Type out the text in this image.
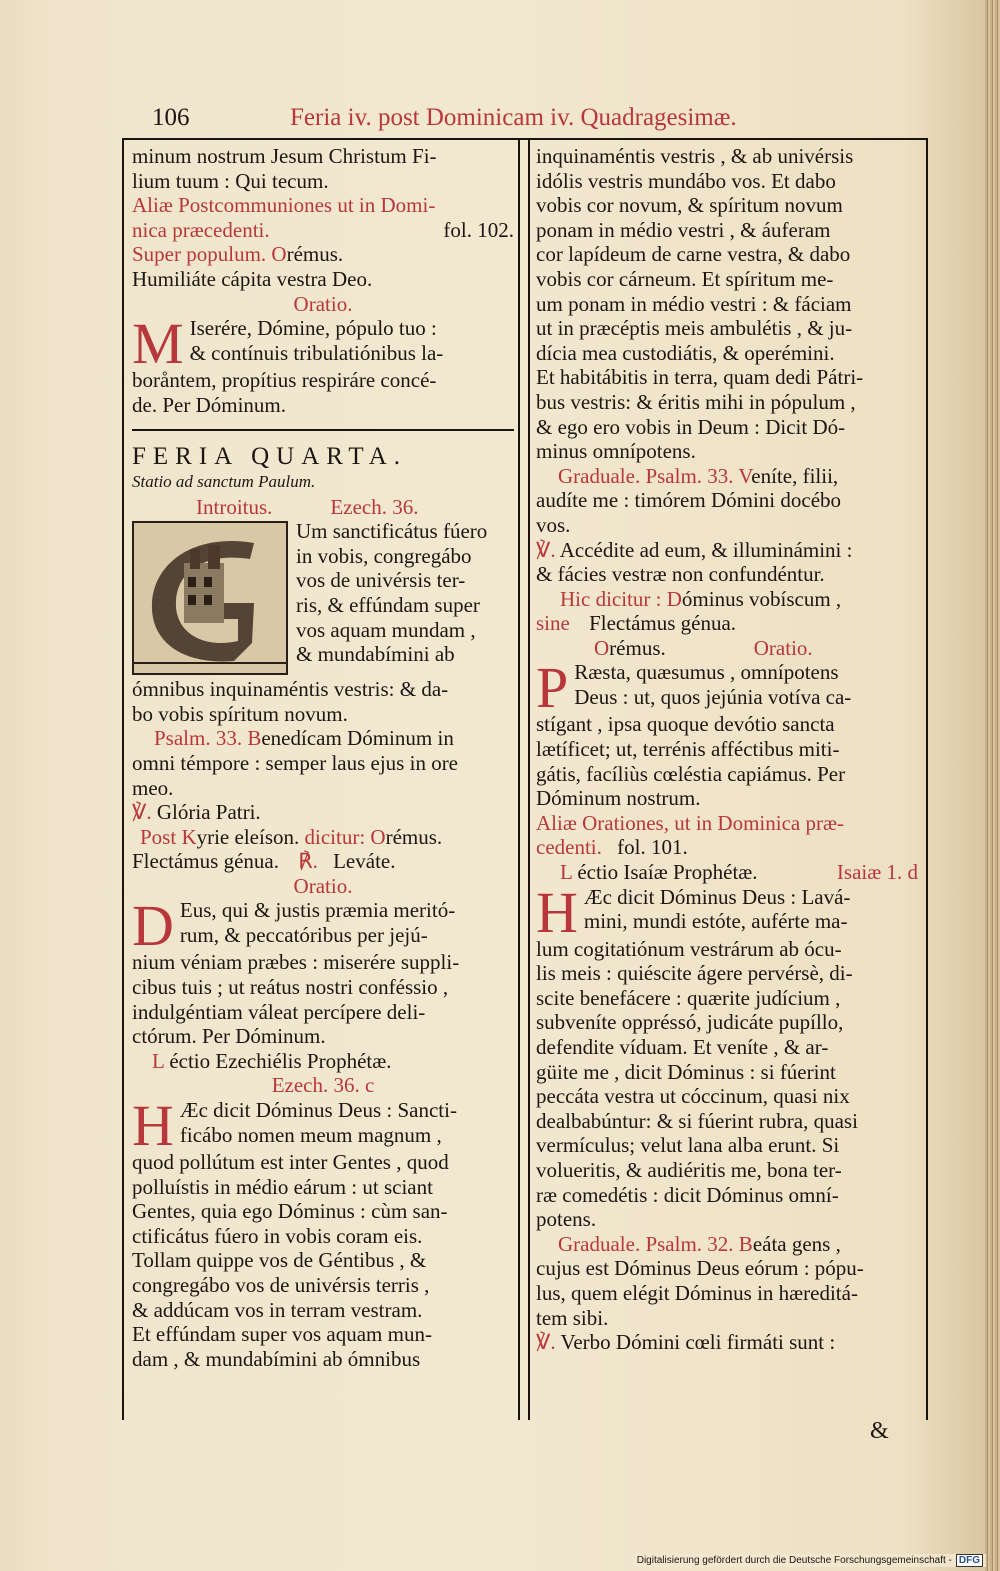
106	Feria iv. post Dominicam iv. Quadragesimæ.

minum nostrum Jesum Christum Fi-

lium tuum : Qui tecum.

Aliæ Postcommuniones ut in Domi-

nica præcedenti.	fol. 102.

Super populum. Orémus.

Humiliáte cápita vestra Deo.

Oratio.

M Iserére, Dómine, pópulo tuo :

& contínuis tribulatiónibus la-

boråntem, propítius respiráre concé-

de. Per Dóminum.

FERIA QUARTA.

Statio ad sanctum Paulum.

Introitus.	Ezech. 36.

Um sanctificátus fúero

in vobis, congregábo

vos de univérsis ter-

ris, & effúndam super

vos aquam mundam ,

& mundabímini ab

ómnibus inquinaméntis vestris: & da-

bo vobis spíritum novum.

Psalm. 33. Benedícam Dóminum in

omni témpore : semper laus ejus in ore

meo.

℣. Glória Patri.

Post Kyrie eleíson. dicitur: Orémus.

Flectámus génua. ℟. Leváte.

Oratio.

D Eus, qui & justis præmia meritó-

rum, & peccatóribus per jejú-

nium véniam præbes : miserére suppli-

cibus tuis ; ut reátus nostri conféssio ,

indulgéntiam váleat percípere deli-

ctórum. Per Dóminum.

L éctio Ezechiélis Prophétæ.

Ezech. 36. c

H Æc dicit Dóminus Deus : Sancti-

ficábo nomen meum magnum ,

quod pollútum est inter Gentes , quod

polluístis in médio eárum : ut sciant

Gentes, quia ego Dóminus : cùm san-

ctificátus fúero in vobis coram eis.

Tollam quippe vos de Géntibus , &

congregábo vos de univérsis terris ,

& addúcam vos in terram vestram.

Et effúndam super vos aquam mun-

dam , & mundabímini ab ómnibus

inquinaméntis vestris , & ab univérsis

idólis vestris mundábo vos. Et dabo

vobis cor novum, & spíritum novum

ponam in médio vestri , & áuferam

cor lapídeum de carne vestra, & dabo

vobis cor cárneum. Et spíritum me-

um ponam in médio vestri : & fáciam

ut in præcéptis meis ambulétis , & ju-

dícia mea custodiátis, & operémini.

Et habitábitis in terra, quam dedi Pátri-

bus vestris: & éritis mihi in pópulum ,

& ego ero vobis in Deum : Dicit Dó-

minus omnípotens.

Graduale. Psalm. 33. Veníte, filii,

audíte me : timórem Dómini docébo

vos.

℣. Accédite ad eum, & illuminámini :

& fácies vestræ non confundéntur.

Hic dicitur : Dóminus vobíscum ,

sine Flectámus génua.

Orémus.	Oratio.

P Ræsta, quæsumus , omnípotens

Deus : ut, quos jejúnia votíva ca-

stígant , ipsa quoque devótio sancta

lætíficet; ut, terrénis afféctibus miti-

gátis, facíliùs cœléstia capiámus. Per

Dóminum nostrum.

Aliæ Orationes, ut in Dominica præ-

cedenti. fol. 101.

L éctio Isaíæ Prophétæ.	Isaiæ 1. d

H Æc dicit Dóminus Deus : Lavá-

mini, mundi estóte, auférte ma-

lum cogitatiónum vestrárum ab ócu-

lis meis : quiéscite ágere pervérsè, di-

scite benefácere : quærite judícium ,

subveníte oppréssó, judicáte pupíllo,

defendite víduam. Et veníte , & ar-

güite me , dicit Dóminus : si fúerint

peccáta vestra ut cóccinum, quasi nix

dealbabúntur: & si fúerint rubra, quasi

vermículus; velut lana alba erunt. Si

volueritis, & audiéritis me, bona ter-

ræ comedétis : dicit Dóminus omní-

potens.

Graduale. Psalm. 32. Beáta gens ,

cujus est Dóminus Deus eórum : pópu-

lus, quem elégit Dóminus in hæreditá-

tem sibi.

℣. Verbo Dómini cœli firmáti sunt :

&
Digitalisierung gefördert durch die Deutsche Forschungsgemeinschaft - DFG
